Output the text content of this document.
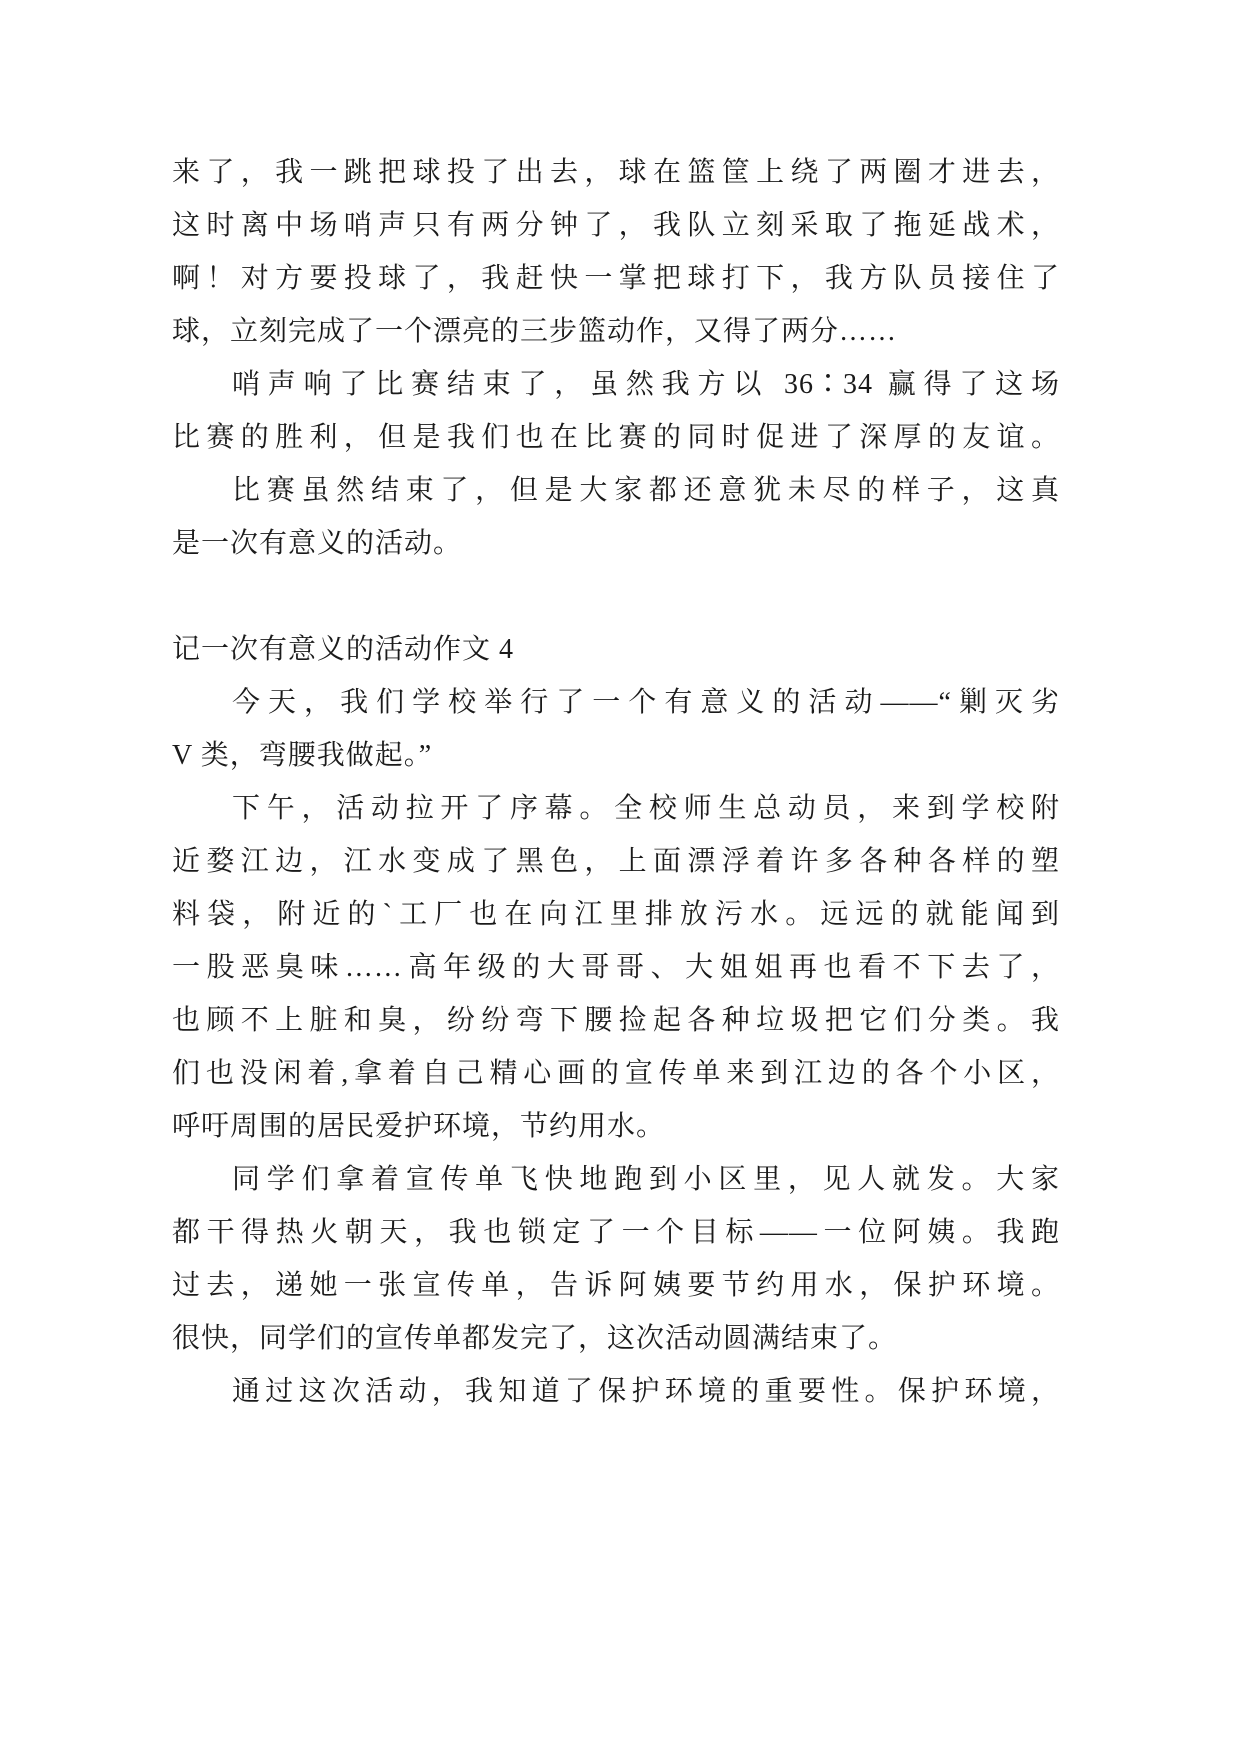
来了，我一跳把球投了出去，球在篮筐上绕了两圈才进去，
这时离中场哨声只有两分钟了，我队立刻采取了拖延战术，
啊！对方要投球了，我赶快一掌把球打下，我方队员接住了
球，立刻完成了一个漂亮的三步篮动作，又得了两分……
哨声响了比赛结束了，虽然我方以 36∶34 赢得了这场
比赛的胜利，但是我们也在比赛的同时促进了深厚的友谊。
比赛虽然结束了，但是大家都还意犹未尽的样子，这真
是一次有意义的活动。
记一次有意义的活动作文 4
今天，我们学校举行了一个有意义的活动——“剿灭劣
V 类，弯腰我做起。”
下午，活动拉开了序幕。全校师生总动员，来到学校附
近婺江边，江水变成了黑色，上面漂浮着许多各种各样的塑
料袋，附近的`工厂也在向江里排放污水。远远的就能闻到
一股恶臭味……高年级的大哥哥、大姐姐再也看不下去了，
也顾不上脏和臭，纷纷弯下腰捡起各种垃圾把它们分类。我
们也没闲着,拿着自己精心画的宣传单来到江边的各个小区，
呼吁周围的居民爱护环境，节约用水。
同学们拿着宣传单飞快地跑到小区里，见人就发。大家
都干得热火朝天，我也锁定了一个目标——一位阿姨。我跑
过去，递她一张宣传单，告诉阿姨要节约用水，保护环境。
很快，同学们的宣传单都发完了，这次活动圆满结束了。
通过这次活动，我知道了保护环境的重要性。保护环境，
